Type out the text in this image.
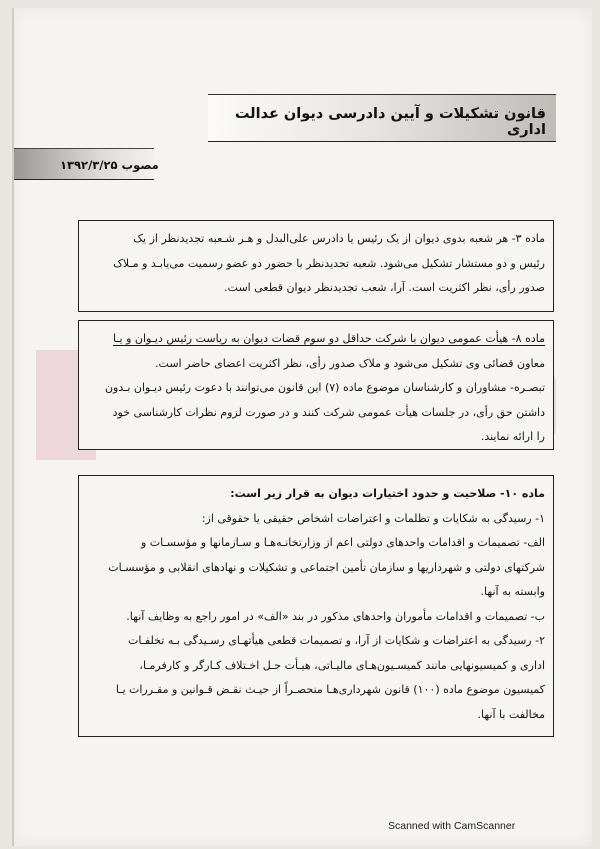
قانون تشکیلات و آیین دادرسی دیوان عدالت اداری
مصوب ۱۳۹۲/۳/۲۵

ماده ۳- هر شعبه بدوی دیوان از یک رئیس یا دادرس علی‌البدل و هـر شـعبه تجدیدنظر از یک

رئیس و دو مستشار تشکیل می‌شود. شعبه تجدیدنظر با حضور دو عضو رسمیت می‌یابـد و مـلاک

صدور رأی، نظر اکثریت است. آرا، شعب تجدیدنظر دیوان قطعی است.

ماده ۸- هیأت عمومی دیوان با شرکت حداقل دو سوم قضات دیوان به ریاست رئیس دیـوان و یـا

معاون قضائی وی تشکیل می‌شود و ملاک صدور رأی، نظر اکثریت اعضای حاضر است.

تبصـره- مشاوران و کارشناسان موضوع ماده (۷) این قانون می‌توانند با دعوت رئیس دیـوان بـدون

داشتن حق رأی، در جلسات هیأت عمومی شرکت کنند و در صورت لزوم نظرات کارشناسی خود

را ارائه نمایند.

ماده ۱۰- صلاحیت و حدود اختیارات دیوان به قرار زیر است:

۱- رسیدگی به شکایات و تظلمات و اعتراضات اشخاص حقیقی یا حقوقی از:

الف- تصمیمات و اقدامات واحدهای دولتی اعم از وزارتخانـه‌هـا و سـازمانها و مؤسسـات و

شرکتهای دولتی و شهرداریها و سازمان تأمین اجتماعی و تشکیلات و نهادهای انقلابی و مؤسسـات

وابسته به آنها.

ب- تصمیمات و اقدامات مأموران واحدهای مذکور در بند «الف» در امور راجع به وظایف آنها.

۲- رسیدگی به اعتراضات و شکایات از آرا، و تصمیمات قطعی هیأتهـای رسـیدگی بـه تخلفـات

اداری و کمیسیونهایی مانند کمیسـیون‌هـای مالیـاتی، هیـأت حـل اخـتلاف کـارگر و کارفرمـا،

کمیسیون موضوع ماده (۱۰۰) قانون شهرداری‌هـا منحصـراً از حیـث نقـض قـوانین و مقـررات یـا

مخالفت با آنها.

Scanned with CamScanner
